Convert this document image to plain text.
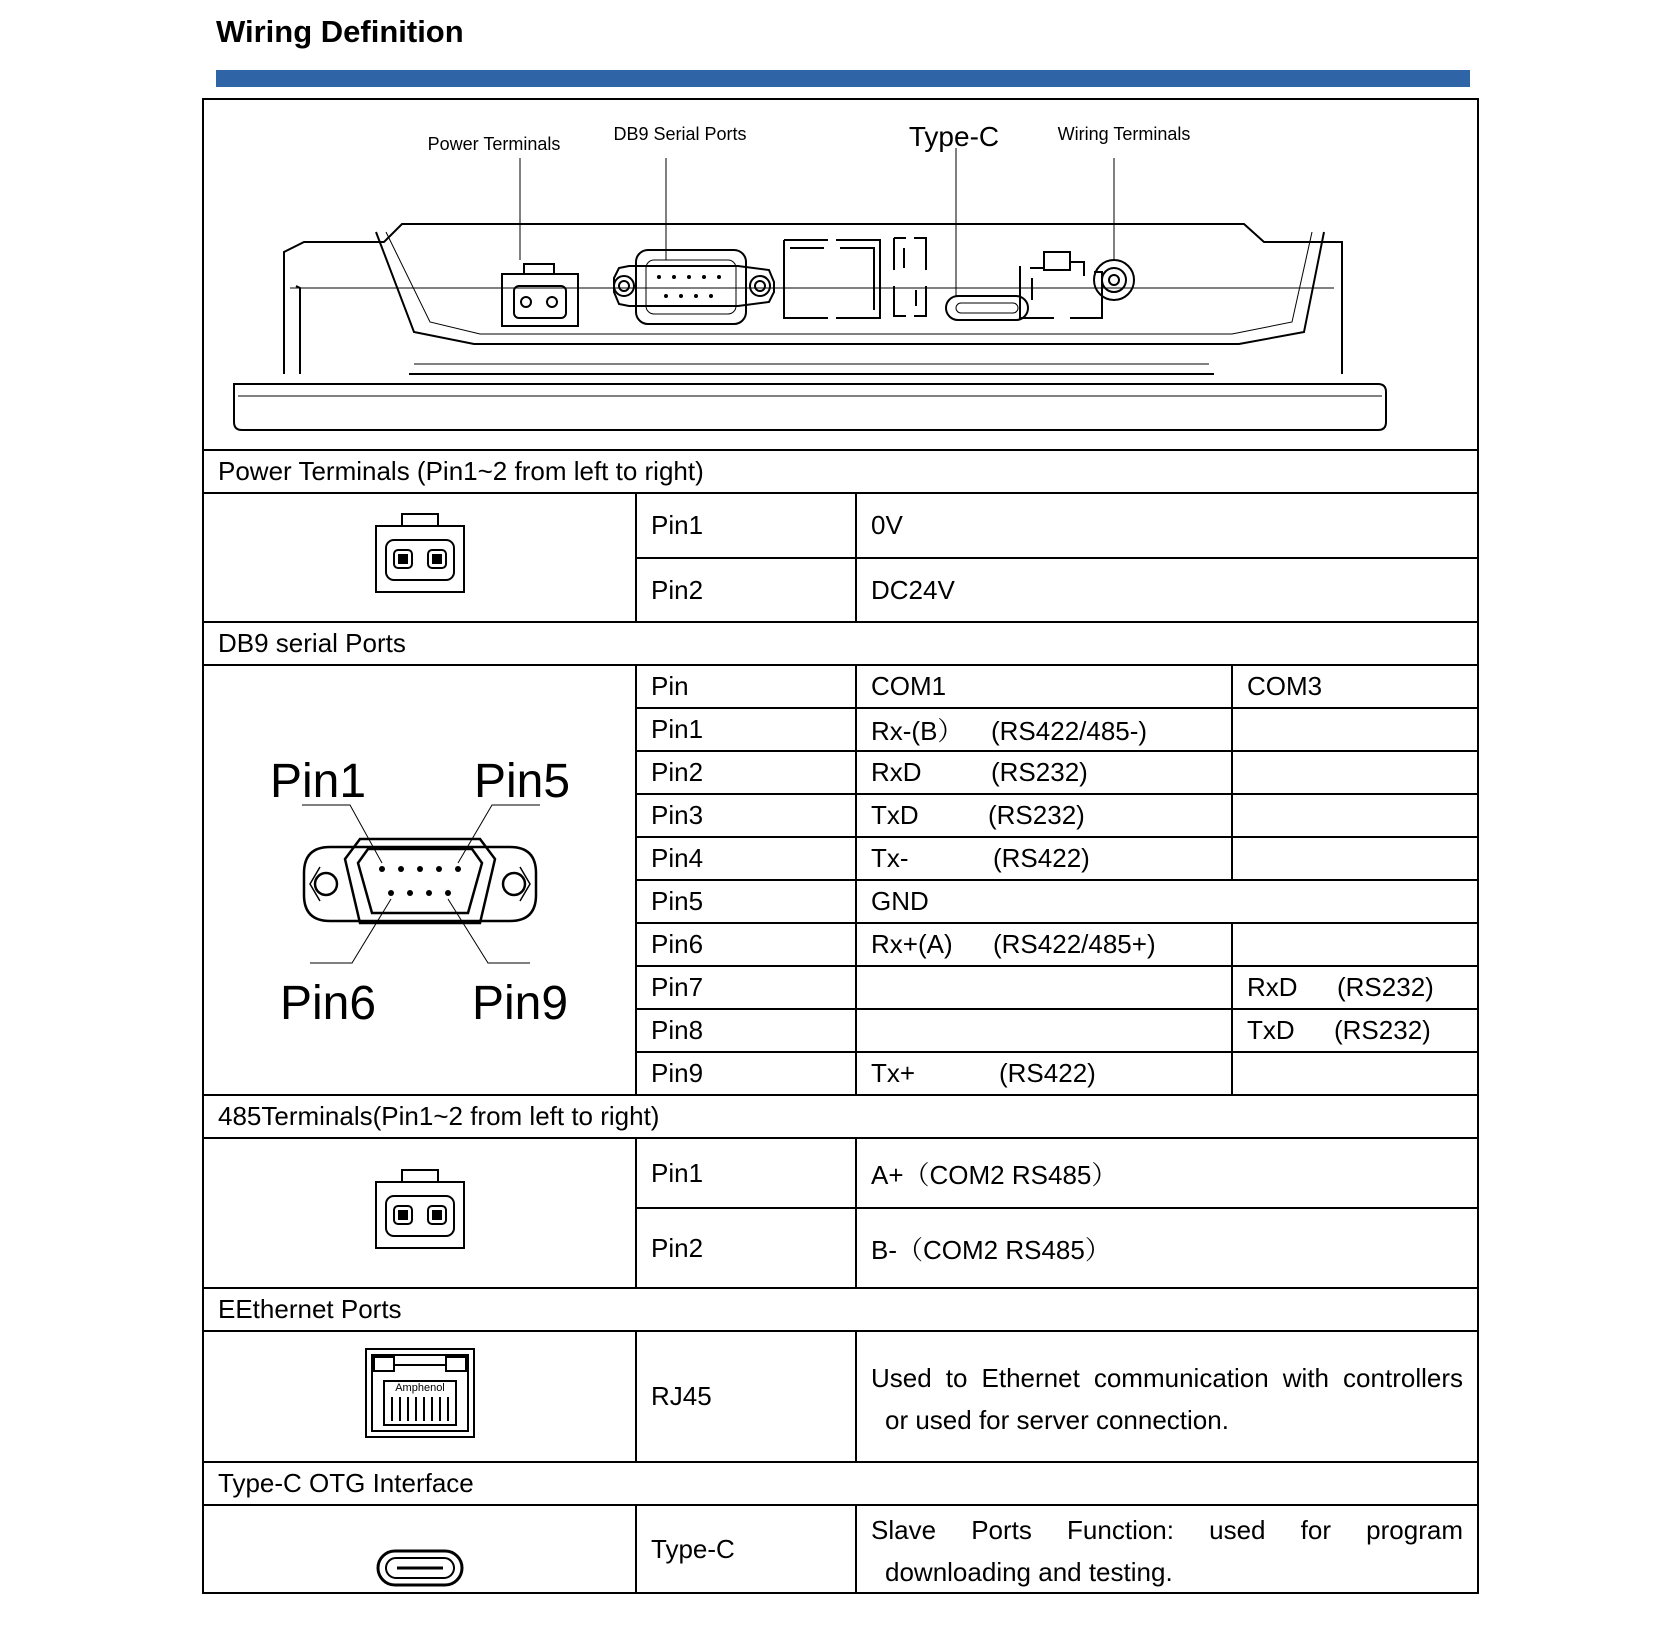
Wiring Definition
Power Terminals DB9 Serial Ports Type-C Wiring Terminals			

Power Terminals (Pin1~2 from left to right)			
	Pin1	0V	
	Pin2	DC24V	
DB9 serial Ports			

Pin1 Pin5
Pin6 Pin9	Pin	COM1	COM3
	Pin1	Rx-(B） (RS422/485-)	
	Pin2	RxD (RS232)	
	Pin3	TxD (RS232)	
	Pin4	Tx- (RS422)	
	Pin5	GND	
	Pin6	Rx+(A) (RS422/485+)	
	Pin7		RxD (RS232)
	Pin8		TxD (RS232)
	Pin9	Tx+ (RS422)	
485Terminals(Pin1~2 from left to right)			
	Pin1	A+（COM2 RS485）	
	Pin2	B-（COM2 RS485）	
EEthernet Ports			

Amphenol	RJ45	Used to Ethernet communication with controllers
or used for server connection.	

Type-C OTG Interface			

	Type-C	Slave Ports Function: used for program
downloading and testing.	
